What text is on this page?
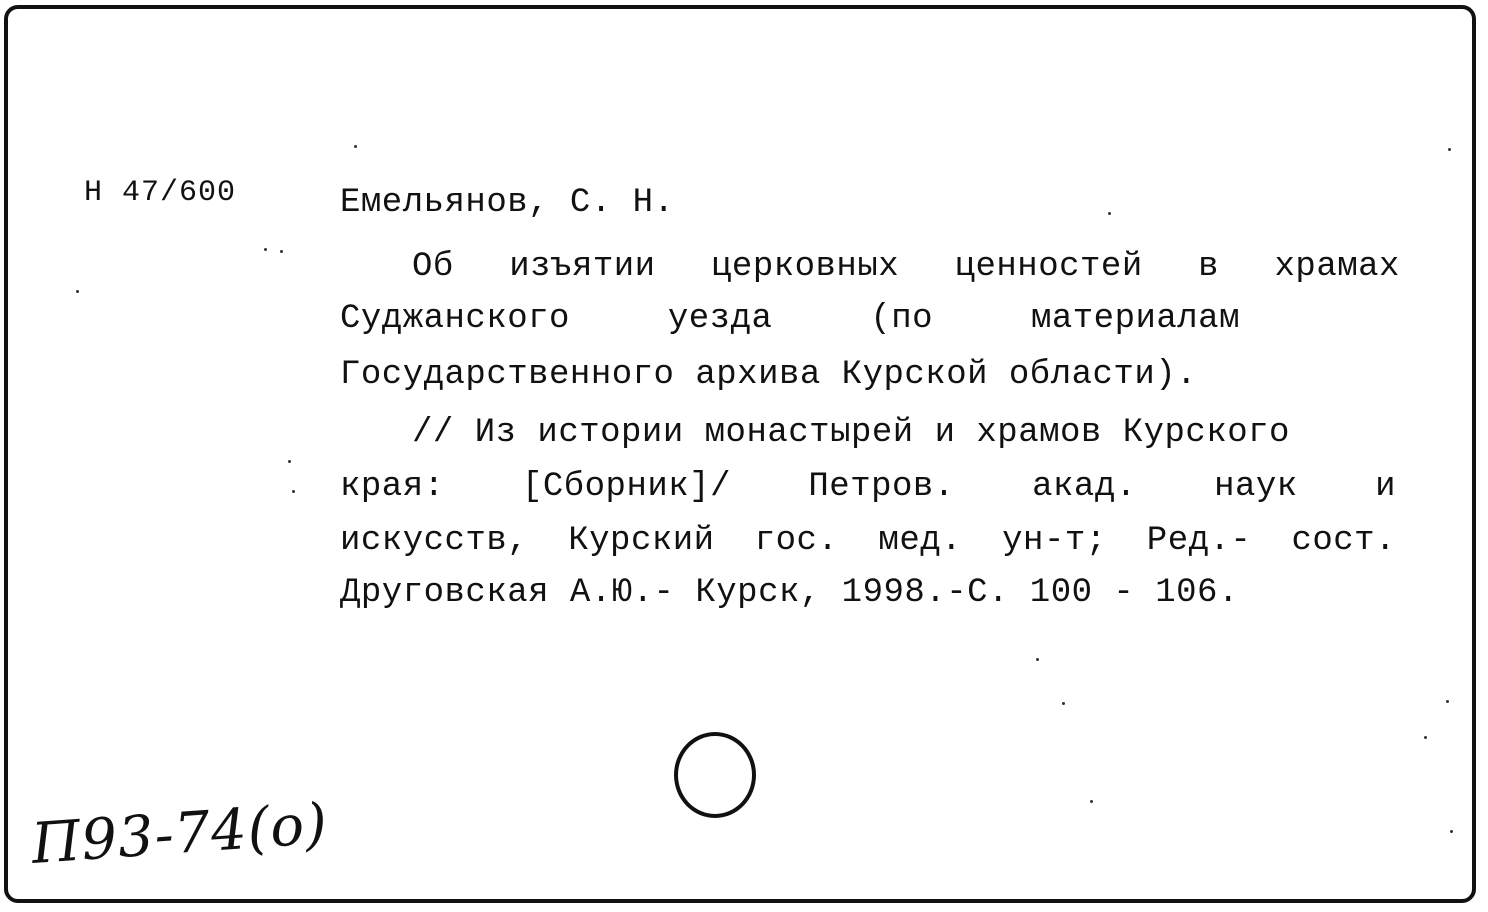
Н 47/600	Емельянов, С. Н.
Об изъятии церковных ценностей в храмах
Суджанского	уезда	(по	материалам
Государственного архива Курской области).
// Из истории монастырей и храмов Курского
края: [Сборник]/ Петров. акад. наук и
искусств, Курский гос. мед. ун-т; Ред.- сост.
Друговская А.Ю.- Курск, 1998.-С. 100 - 106.
П93-74(о)
